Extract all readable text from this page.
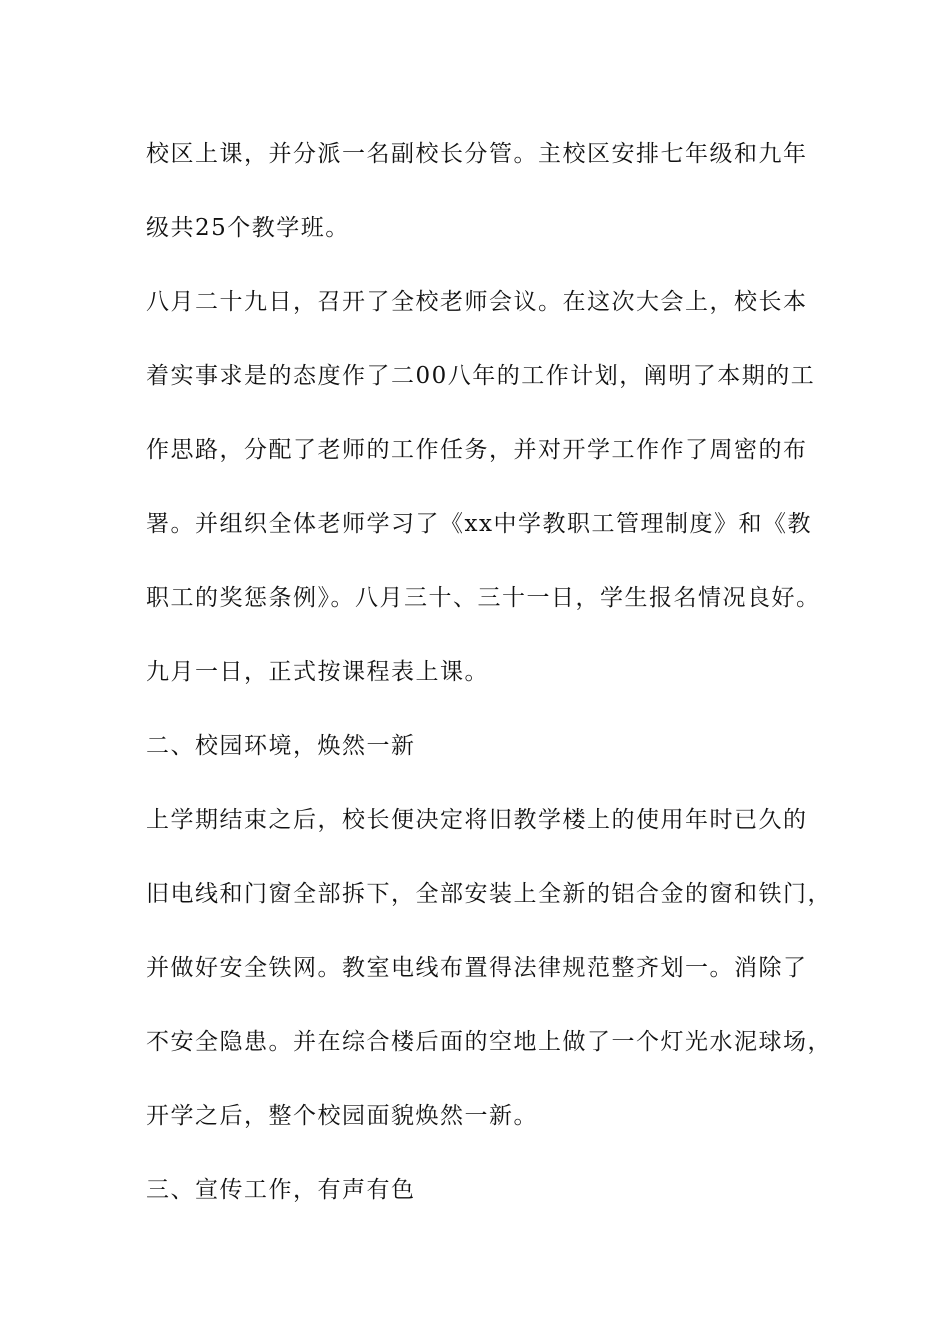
校区上课，并分派一名副校长分管。主校区安排七年级和九年
级共25个教学班。
八月二十九日，召开了全校老师会议。在这次大会上，校长本
着实事求是的态度作了二00八年的工作计划，阐明了本期的工
作思路，分配了老师的工作任务，并对开学工作作了周密的布
署。并组织全体老师学习了《xx中学教职工管理制度》和《教
职工的奖惩条例》。八月三十、三十一日，学生报名情况良好。
九月一日，正式按课程表上课。
二、校园环境，焕然一新
上学期结束之后，校长便决定将旧教学楼上的使用年时已久的
旧电线和门窗全部拆下，全部安装上全新的铝合金的窗和铁门，
并做好安全铁网。教室电线布置得法律规范整齐划一。消除了
不安全隐患。并在综合楼后面的空地上做了一个灯光水泥球场，
开学之后，整个校园面貌焕然一新。
三、宣传工作，有声有色
